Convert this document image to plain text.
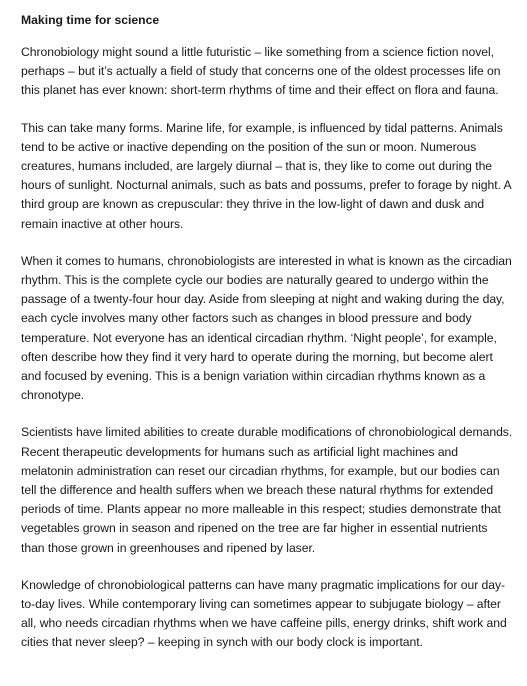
Making time for science

Chronobiology might sound a little futuristic – like something from a science fiction novel, perhaps – but it’s actually a field of study that concerns one of the oldest processes life on this planet has ever known: short-term rhythms of time and their effect on flora and fauna.

This can take many forms. Marine life, for example, is influenced by tidal patterns. Animals tend to be active or inactive depending on the position of the sun or moon. Numerous creatures, humans included, are largely diurnal – that is, they like to come out during the hours of sunlight. Nocturnal animals, such as bats and possums, prefer to forage by night. A third group are known as crepuscular: they thrive in the low-light of dawn and dusk and remain inactive at other hours.

When it comes to humans, chronobiologists are interested in what is known as the circadian rhythm. This is the complete cycle our bodies are naturally geared to undergo within the passage of a twenty-four hour day. Aside from sleeping at night and waking during the day, each cycle involves many other factors such as changes in blood pressure and body temperature. Not everyone has an identical circadian rhythm. ‘Night people’, for example, often describe how they find it very hard to operate during the morning, but become alert and focused by evening. This is a benign variation within circadian rhythms known as a chronotype.

Scientists have limited abilities to create durable modifications of chronobiological demands. Recent therapeutic developments for humans such as artificial light machines and melatonin administration can reset our circadian rhythms, for example, but our bodies can tell the difference and health suffers when we breach these natural rhythms for extended periods of time. Plants appear no more malleable in this respect; studies demonstrate that vegetables grown in season and ripened on the tree are far higher in essential nutrients than those grown in greenhouses and ripened by laser.

Knowledge of chronobiological patterns can have many pragmatic implications for our day-to-day lives. While contemporary living can sometimes appear to subjugate biology – after all, who needs circadian rhythms when we have caffeine pills, energy drinks, shift work and cities that never sleep? – keeping in synch with our body clock is important.
